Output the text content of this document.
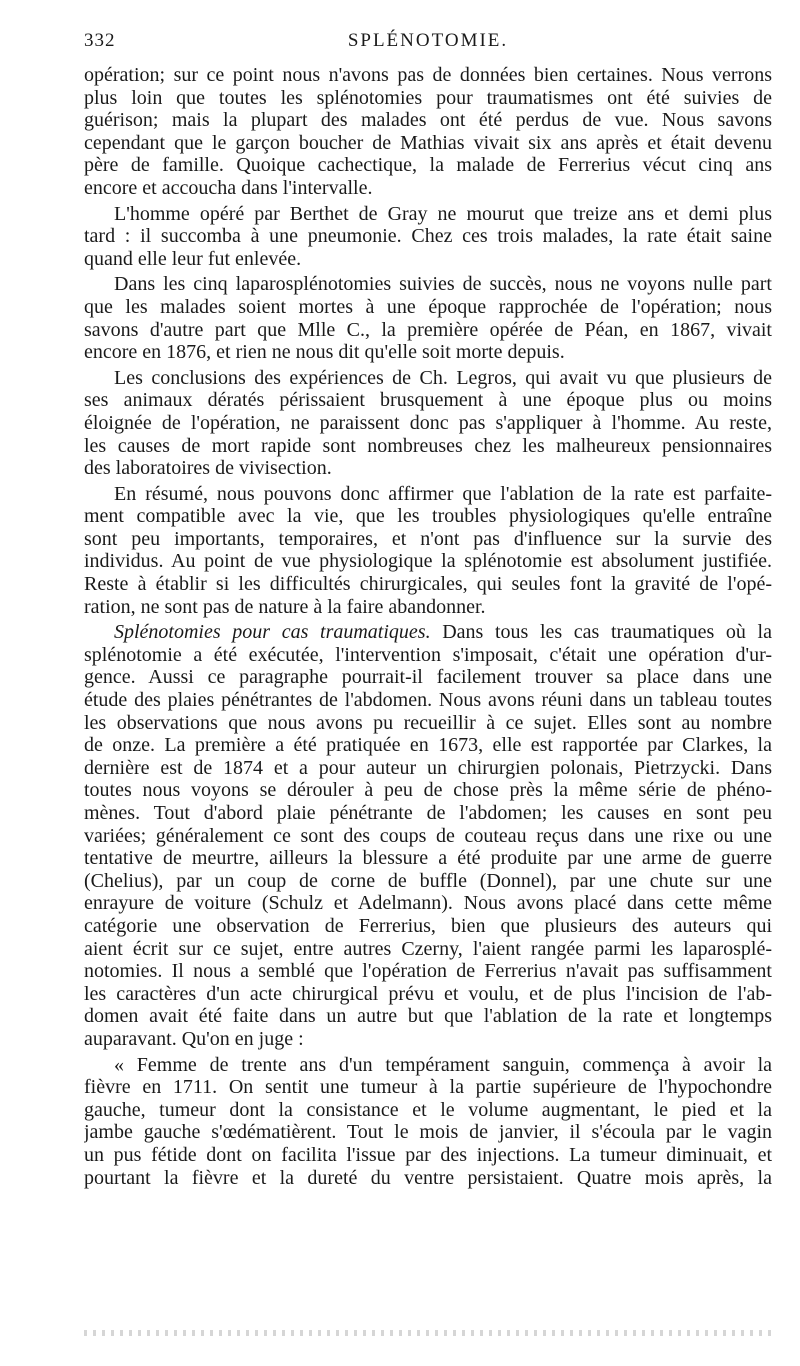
332	SPLÉNOTOMIE.
opération; sur ce point nous n'avons pas de données bien certaines. Nous verrons
plus loin que toutes les splénotomies pour traumatismes ont été suivies de
guérison; mais la plupart des malades ont été perdus de vue. Nous savons
cependant que le garçon boucher de Mathias vivait six ans après et était devenu
père de famille. Quoique cachectique, la malade de Ferrerius vécut cinq ans
encore et accoucha dans l'intervalle.
L'homme opéré par Berthet de Gray ne mourut que treize ans et demi plus
tard : il succomba à une pneumonie. Chez ces trois malades, la rate était saine
quand elle leur fut enlevée.
Dans les cinq laparosplénotomies suivies de succès, nous ne voyons nulle part
que les malades soient mortes à une époque rapprochée de l'opération; nous
savons d'autre part que Mlle C., la première opérée de Péan, en 1867, vivait
encore en 1876, et rien ne nous dit qu'elle soit morte depuis.
Les conclusions des expériences de Ch. Legros, qui avait vu que plusieurs de
ses animaux dératés périssaient brusquement à une époque plus ou moins
éloignée de l'opération, ne paraissent donc pas s'appliquer à l'homme. Au reste,
les causes de mort rapide sont nombreuses chez les malheureux pensionnaires
des laboratoires de vivisection.
En résumé, nous pouvons donc affirmer que l'ablation de la rate est parfaite-
ment compatible avec la vie, que les troubles physiologiques qu'elle entraîne
sont peu importants, temporaires, et n'ont pas d'influence sur la survie des
individus. Au point de vue physiologique la splénotomie est absolument justifiée.
Reste à établir si les difficultés chirurgicales, qui seules font la gravité de l'opé-
ration, ne sont pas de nature à la faire abandonner.
Splénotomies pour cas traumatiques. Dans tous les cas traumatiques où la
splénotomie a été exécutée, l'intervention s'imposait, c'était une opération d'ur-
gence. Aussi ce paragraphe pourrait-il facilement trouver sa place dans une
étude des plaies pénétrantes de l'abdomen. Nous avons réuni dans un tableau toutes
les observations que nous avons pu recueillir à ce sujet. Elles sont au nombre
de onze. La première a été pratiquée en 1673, elle est rapportée par Clarkes, la
dernière est de 1874 et a pour auteur un chirurgien polonais, Pietrzycki. Dans
toutes nous voyons se dérouler à peu de chose près la même série de phéno-
mènes. Tout d'abord plaie pénétrante de l'abdomen; les causes en sont peu
variées; généralement ce sont des coups de couteau reçus dans une rixe ou une
tentative de meurtre, ailleurs la blessure a été produite par une arme de guerre
(Chelius), par un coup de corne de buffle (Donnel), par une chute sur une
enrayure de voiture (Schulz et Adelmann). Nous avons placé dans cette même
catégorie une observation de Ferrerius, bien que plusieurs des auteurs qui
aient écrit sur ce sujet, entre autres Czerny, l'aient rangée parmi les laparosplé-
notomies. Il nous a semblé que l'opération de Ferrerius n'avait pas suffisamment
les caractères d'un acte chirurgical prévu et voulu, et de plus l'incision de l'ab-
domen avait été faite dans un autre but que l'ablation de la rate et longtemps
auparavant. Qu'on en juge :
« Femme de trente ans d'un tempérament sanguin, commença à avoir la
fièvre en 1711. On sentit une tumeur à la partie supérieure de l'hypochondre
gauche, tumeur dont la consistance et le volume augmentant, le pied et la
jambe gauche s'œdématièrent. Tout le mois de janvier, il s'écoula par le vagin
un pus fétide dont on facilita l'issue par des injections. La tumeur diminuait, et
pourtant la fièvre et la dureté du ventre persistaient. Quatre mois après, la
